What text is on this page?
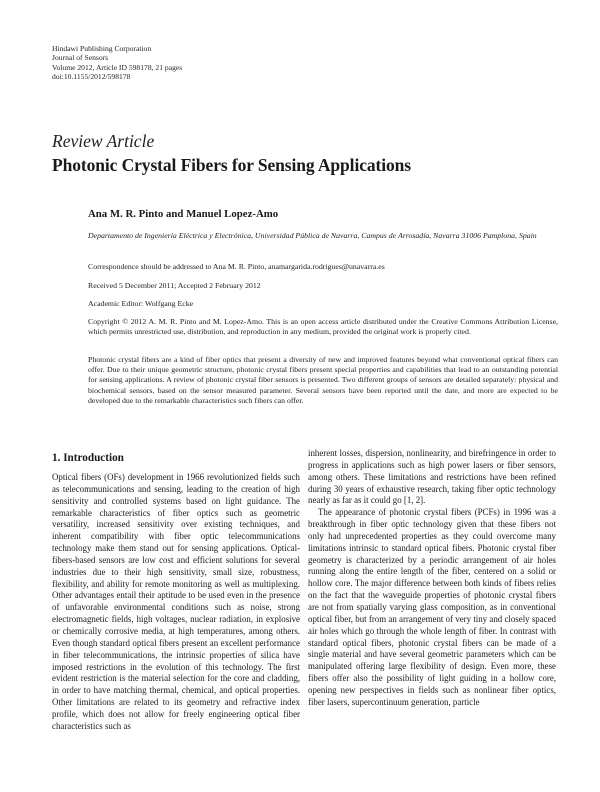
Hindawi Publishing Corporation
Journal of Sensors
Volume 2012, Article ID 598178, 21 pages
doi:10.1155/2012/598178
Review Article
Photonic Crystal Fibers for Sensing Applications
Ana M. R. Pinto and Manuel Lopez-Amo
Departamento de Ingeniería Eléctrica y Electrónica, Universidad Pública de Navarra, Campus de Arrosadía, Navarra 31006 Pamplona, Spain
Correspondence should be addressed to Ana M. R. Pinto, anamargarida.rodrigues@unavarra.es
Received 5 December 2011; Accepted 2 February 2012
Academic Editor: Wolfgang Ecke
Copyright © 2012 A. M. R. Pinto and M. Lopez-Amo. This is an open access article distributed under the Creative Commons Attribution License, which permits unrestricted use, distribution, and reproduction in any medium, provided the original work is properly cited.
Photonic crystal fibers are a kind of fiber optics that present a diversity of new and improved features beyond what conventional optical fibers can offer. Due to their unique geometric structure, photonic crystal fibers present special properties and capabilities that lead to an outstanding potential for sensing applications. A review of photonic crystal fiber sensors is presented. Two different groups of sensors are detailed separately: physical and biochemical sensors, based on the sensor measured parameter. Several sensors have been reported until the date, and more are expected to be developed due to the remarkable characteristics such fibers can offer.
1. Introduction

Optical fibers (OFs) development in 1966 revolutionized fields such as telecommunications and sensing, leading to the creation of high sensitivity and controlled systems based on light guidance. The remarkable characteristics of fiber optics such as geometric versatility, increased sensitivity over existing techniques, and inherent compatibility with fiber optic telecommunications technology make them stand out for sensing applications. Optical-fibers-based sensors are low cost and efficient solutions for several industries due to their high sensitivity, small size, robustness, flexibility, and ability for remote monitoring as well as multiplexing. Other advantages entail their aptitude to be used even in the presence of unfavorable environmental conditions such as noise, strong electromagnetic fields, high voltages, nuclear radiation, in explosive or chemically corrosive media, at high temperatures, among others. Even though standard optical fibers present an excellent performance in fiber telecommunications, the intrinsic properties of silica have imposed restrictions in the evolution of this technology. The first evident restriction is the material selection for the core and cladding, in order to have matching thermal, chemical, and optical properties. Other limitations are related to its geometry and refractive index profile, which does not allow for freely engineering optical fiber characteristics such as

inherent losses, dispersion, nonlinearity, and birefringence in order to progress in applications such as high power lasers or fiber sensors, among others. These limitations and restrictions have been refined during 30 years of exhaustive research, taking fiber optic technology nearly as far as it could go [1, 2].

The appearance of photonic crystal fibers (PCFs) in 1996 was a breakthrough in fiber optic technology given that these fibers not only had unprecedented properties as they could overcome many limitations intrinsic to standard optical fibers. Photonic crystal fiber geometry is characterized by a periodic arrangement of air holes running along the entire length of the fiber, centered on a solid or hollow core. The major difference between both kinds of fibers relies on the fact that the waveguide properties of photonic crystal fibers are not from spatially varying glass composition, as in conventional optical fiber, but from an arrangement of very tiny and closely spaced air holes which go through the whole length of fiber. In contrast with standard optical fibers, photonic crystal fibers can be made of a single material and have several geometric parameters which can be manipulated offering large flexibility of design. Even more, these fibers offer also the possibility of light guiding in a hollow core, opening new perspectives in fields such as nonlinear fiber optics, fiber lasers, supercontinuum generation, particle
